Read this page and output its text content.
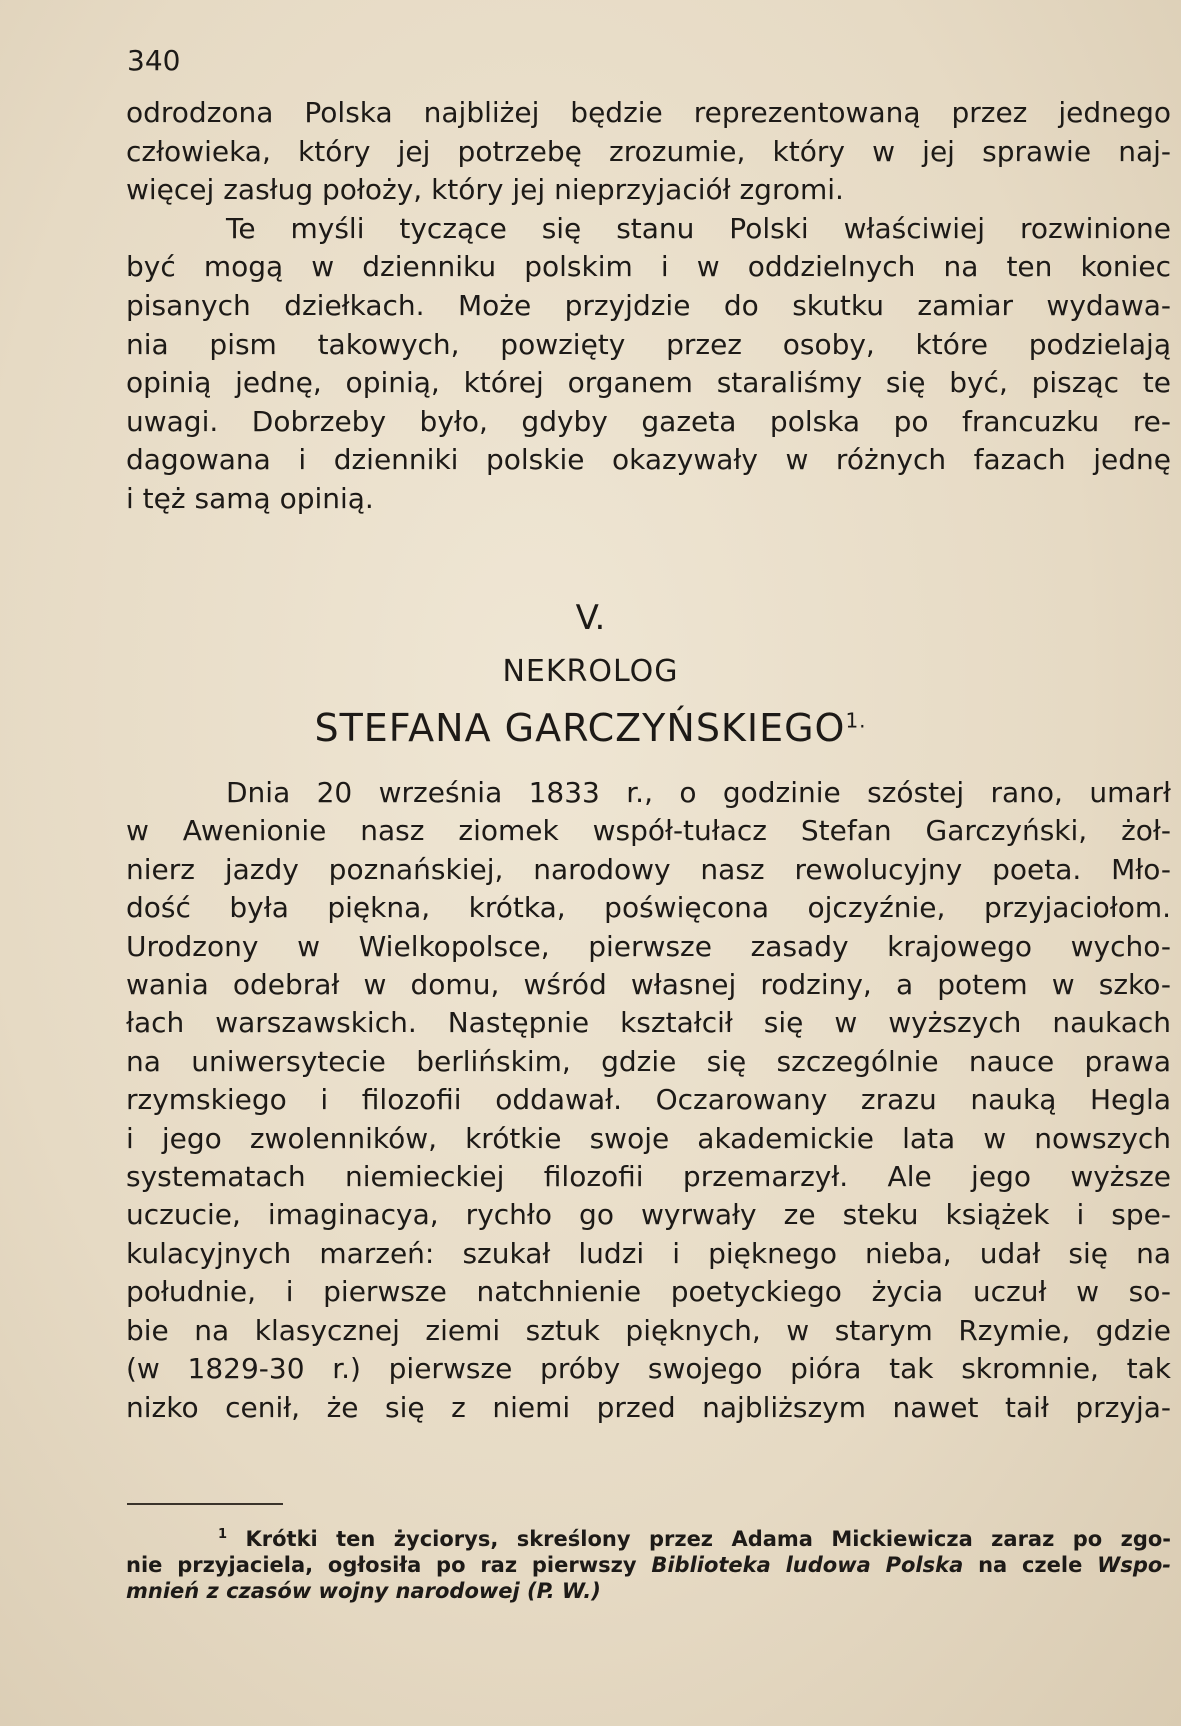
340
odrodzona Polska najbliżej będzie reprezentowaną przez jednego
człowieka, który jej potrzebę zrozumie, który w jej sprawie naj-
więcej zasług położy, który jej nieprzyjaciół zgromi.
Te myśli tyczące się stanu Polski właściwiej rozwinione
być mogą w dzienniku polskim i w oddzielnych na ten koniec
pisanych dziełkach. Może przyjdzie do skutku zamiar wydawa-
nia pism takowych, powzięty przez osoby, które podzielają
opinią jednę, opinią, której organem staraliśmy się być, pisząc te
uwagi. Dobrzeby było, gdyby gazeta polska po francuzku re-
dagowana i dzienniki polskie okazywały w różnych fazach jednę
i tęż samą opinią.
V.
NEKROLOG
STEFANA $GARCZYŃSKIEGO^{1.}$
Dnia 20 września 1833 r., o godzinie szóstej rano, umarł
w Awenionie nasz ziomek współ-tułacz Stefan Garczyński, żoł-
nierz jazdy poznańskiej, narodowy nasz rewolucyjny poeta. Mło-
dość była piękna, krótka, poświęcona ojczyźnie, przyjaciołom.
Urodzony w Wielkopolsce, pierwsze zasady krajowego wycho-
wania odebrał w domu, wśród własnej rodziny, a potem w szko-
łach warszawskich. Następnie kształcił się w wyższych naukach
na uniwersytecie berlińskim, gdzie się szczególnie nauce prawa
rzymskiego i filozofii oddawał. Oczarowany zrazu nauką Hegla
i jego zwolenników, krótkie swoje akademickie lata w nowszych
systematach niemieckiej filozofii przemarzył. Ale jego wyższe
uczucie, imaginacya, rychło go wyrwały ze steku książek i spe-
kulacyjnych marzeń: szukał ludzi i pięknego nieba, udał się na
południe, i pierwsze natchnienie poetyckiego życia uczuł w so-
bie na klasycznej ziemi sztuk pięknych, w starym Rzymie, gdzie
(w 1829-30 r.) pierwsze próby swojego pióra tak skromnie, tak
nizko cenił, że się z niemi przed najbliższym nawet taił przyja-
$^1$ Krótki ten życiorys, skreślony przez Adama Mickiewicza zaraz po zgo-
nie przyjaciela, ogłosiła po raz pierwszy Biblioteka ludowa Polska na czele Wspo-
mnień z czasów wojny narodowej (P. W.)
